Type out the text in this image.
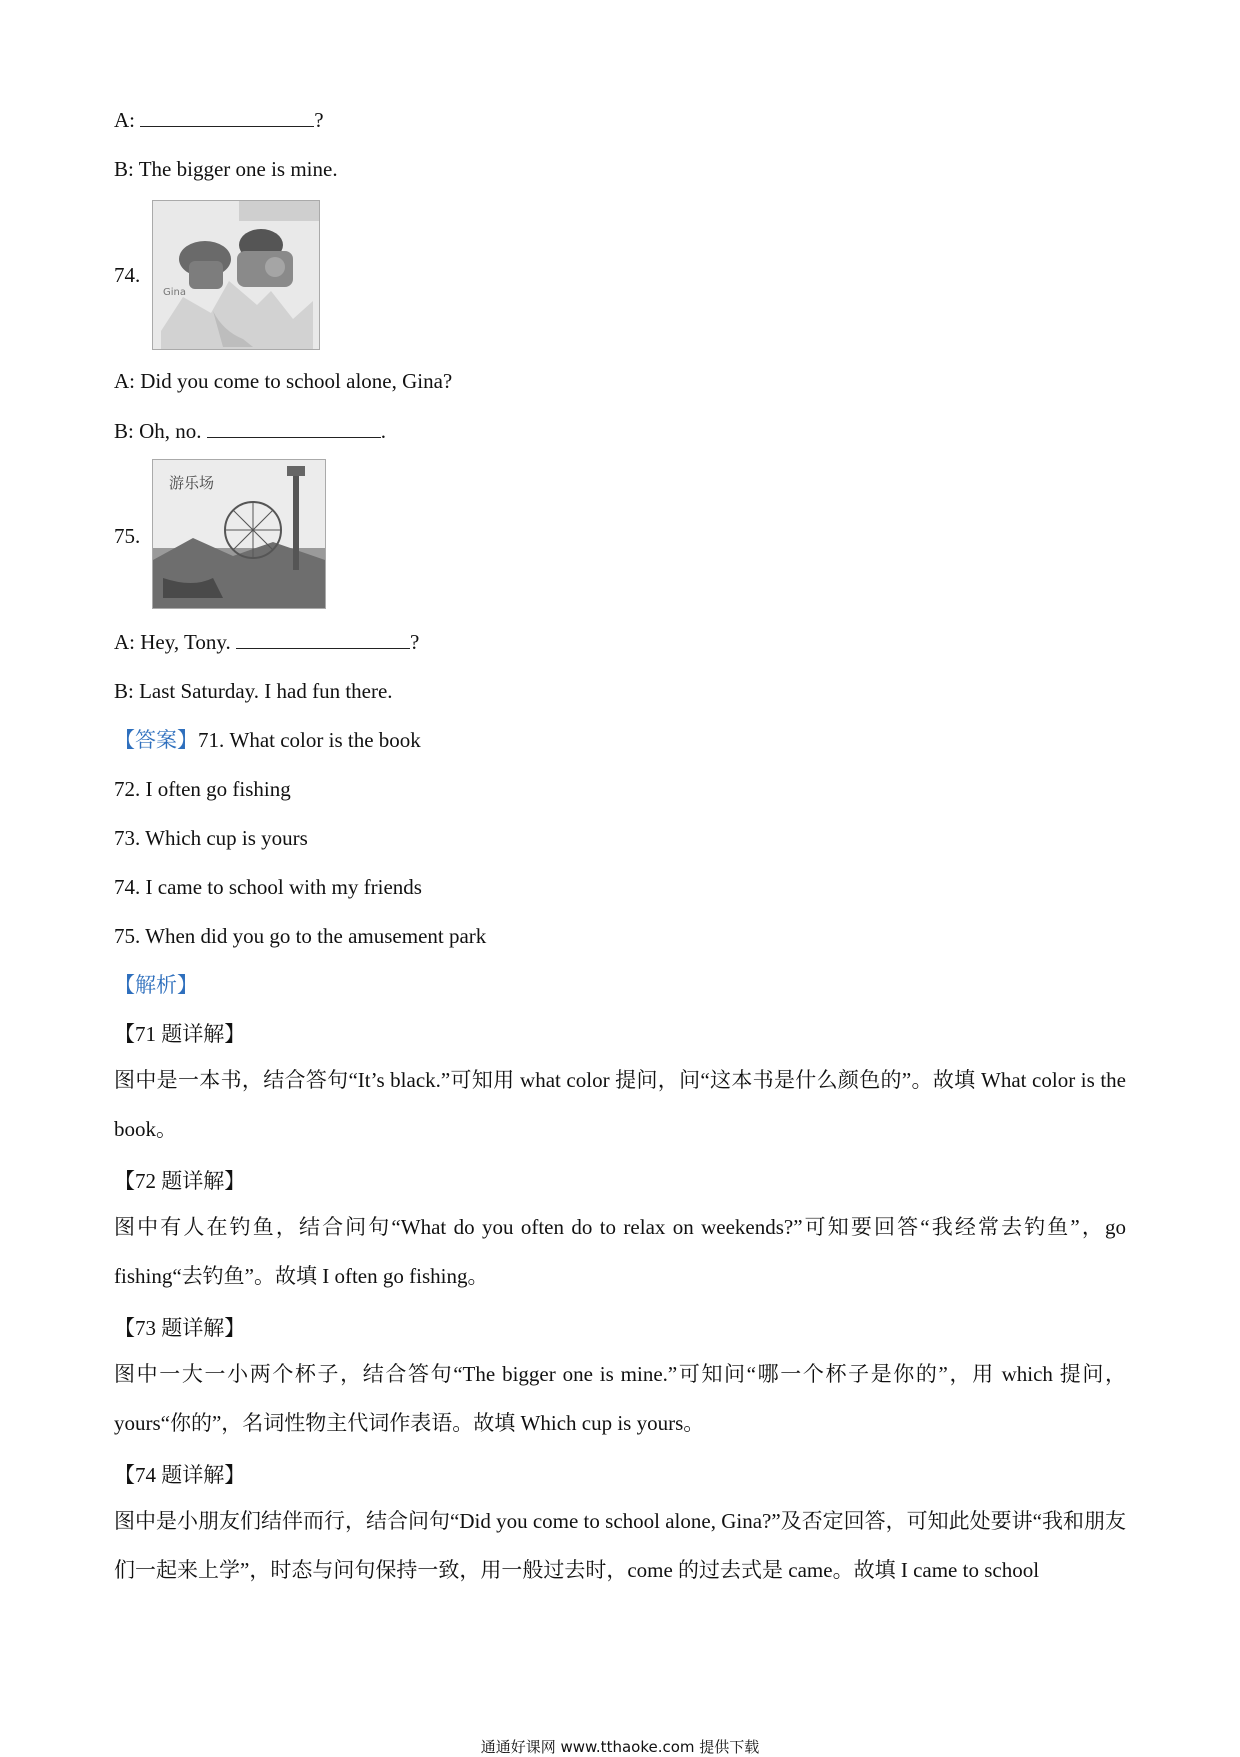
A:	?
B: The bigger one is mine.
74.
Gina
A: Did you come to school alone, Gina?
B: Oh, no.	.
75.
游乐场
A: Hey, Tony.	?
B: Last Saturday. I had fun there.
【答案】71. What color is the book
72. I often go fishing
73. Which cup is yours
74. I came to school with my friends
75. When did you go to the amusement park
【解析】
【71 题详解】
图中是一本书，结合答句“It’s black.”可知用 what color 提问，问“这本书是什么颜色的”。故填 What color is the book。
【72 题详解】
图中有人在钓鱼，结合问句“What do you often do to relax on weekends?”可知要回答“我经常去钓鱼”，go fishing“去钓鱼”。故填 I often go fishing。
【73 题详解】
图中一大一小两个杯子，结合答句“The bigger one is mine.”可知问“哪一个杯子是你的”，用 which 提问，yours“你的”，名词性物主代词作表语。故填 Which cup is yours。
【74 题详解】
图中是小朋友们结伴而行，结合问句“Did you come to school alone, Gina?”及否定回答，可知此处要讲“我和朋友们一起来上学”，时态与问句保持一致，用一般过去时，come 的过去式是 came。故填 I came to school
通通好课网 www.tthaoke.com 提供下载
